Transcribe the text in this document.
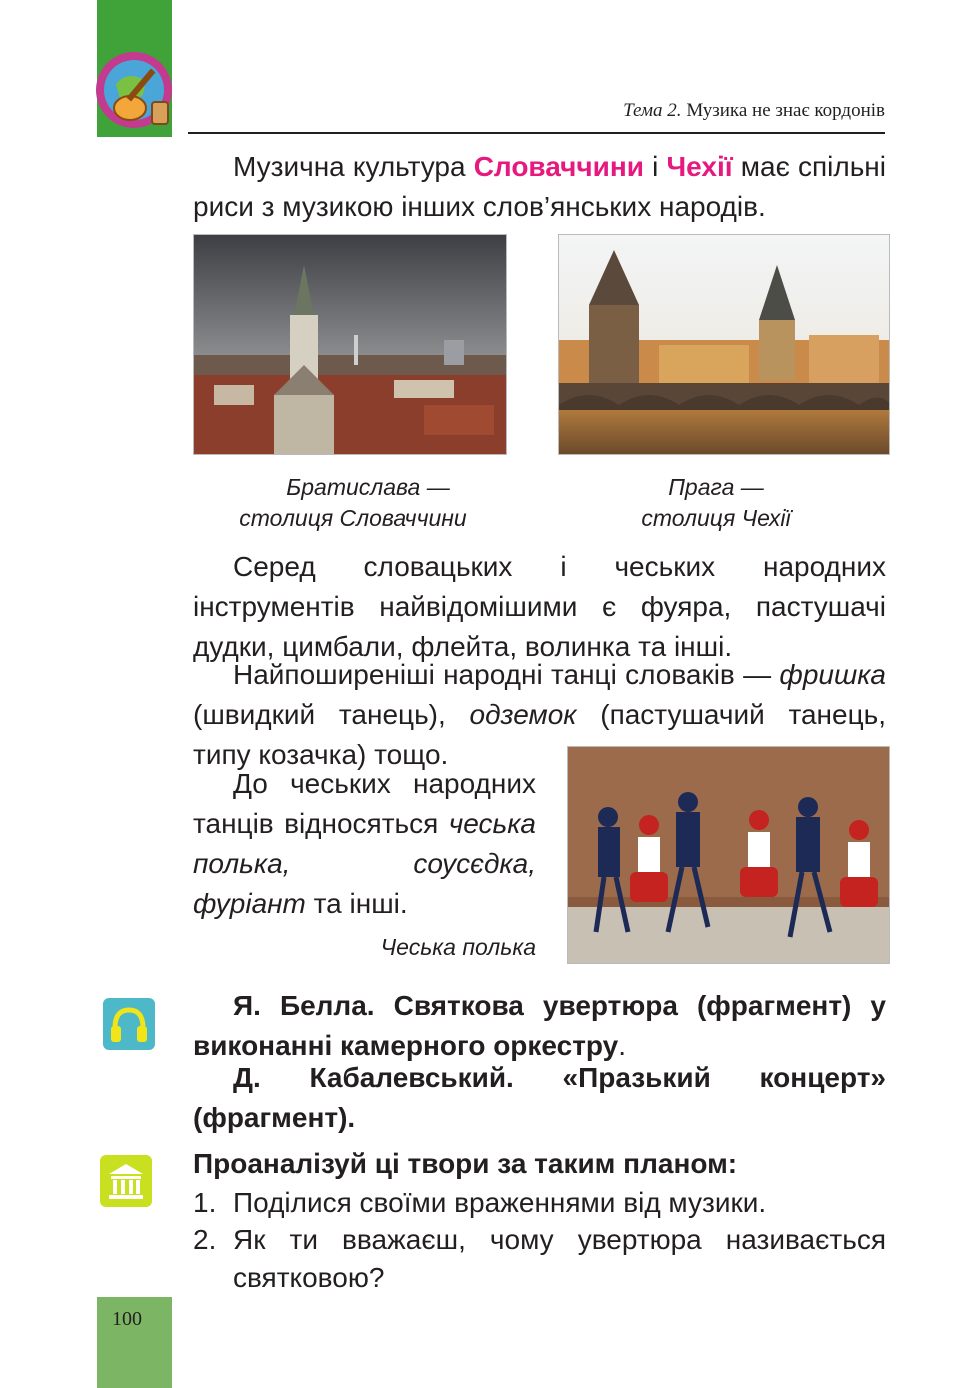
Тема 2. Музика не знає кордонів
Музична культура Словаччини і Чехії має спільні риси з музикою інших слов’янських народів.
Братислава —
столиця Словаччини
Прага —
столиця Чехії
Серед словацьких і чеських народних інструментів найвідомішими є фуяра, пастушачі дудки, цимбали, флейта, волинка та інші.
Найпоширеніші народні танці словаків — фришка (швидкий танець), одземок (пастушачий танець, типу козачка) тощо.
До чеських народних танців відносяться чеська полька, соусєдка, фуріант та інші.
Чеська полька
Я. Белла. Святкова увертюра (фрагмент) у виконанні камерного оркестру.
Д. Кабалевський. «Празький концерт» (фрагмент).
Проаналізуй ці твори за таким планом:
1. Поділися своїми враженнями від музики.
2. Як ти вважаєш, чому увертюра називається святковою?
100
